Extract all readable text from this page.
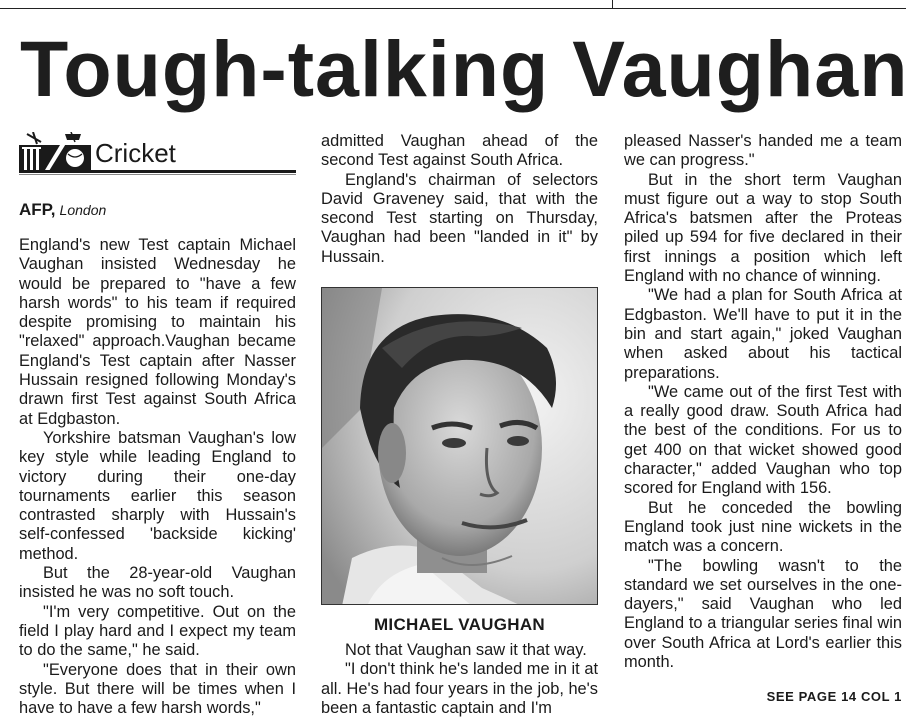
Tough-talking Vaughan
Cricket
AFP, London

England's new Test captain Michael Vaughan insisted Wednesday he would be prepared to "have a few harsh words" to his team if required despite promising to maintain his "relaxed" approach.Vaughan became England's Test captain after Nasser Hussain resigned following Monday's drawn first Test against South Africa at Edgbaston.

Yorkshire batsman Vaughan's low key style while leading England to victory during their one-day tournaments earlier this season contrasted sharply with Hussain's self-confessed 'backside kicking' method.

But the 28-year-old Vaughan insisted he was no soft touch.

"I'm very competitive. Out on the field I play hard and I expect my team to do the same," he said.

"Everyone does that in their own style. But there will be times when I have to have a few harsh words,"

admitted Vaughan ahead of the second Test against South Africa.

England's chairman of selectors David Graveney said, that with the second Test starting on Thursday, Vaughan had been "landed in it" by Hussain.

MICHAEL VAUGHAN

Not that Vaughan saw it that way.

"I don't think he's landed me in it at all. He's had four years in the job, he's been a fantastic captain and I'm

pleased Nasser's handed me a team we can progress."

But in the short term Vaughan must figure out a way to stop South Africa's batsmen after the Proteas piled up 594 for five declared in their first innings a position which left England with no chance of winning.

"We had a plan for South Africa at Edgbaston. We'll have to put it in the bin and start again," joked Vaughan when asked about his tactical preparations.

"We came out of the first Test with a really good draw. South Africa had the best of the conditions. For us to get 400 on that wicket showed good character," added Vaughan who top scored for England with 156.

But he conceded the bowling England took just nine wickets in the match was a concern.

"The bowling wasn't to the standard we set ourselves in the one-dayers," said Vaughan who led England to a triangular series final win over South Africa at Lord's earlier this month.

SEE PAGE 14 COL 1
